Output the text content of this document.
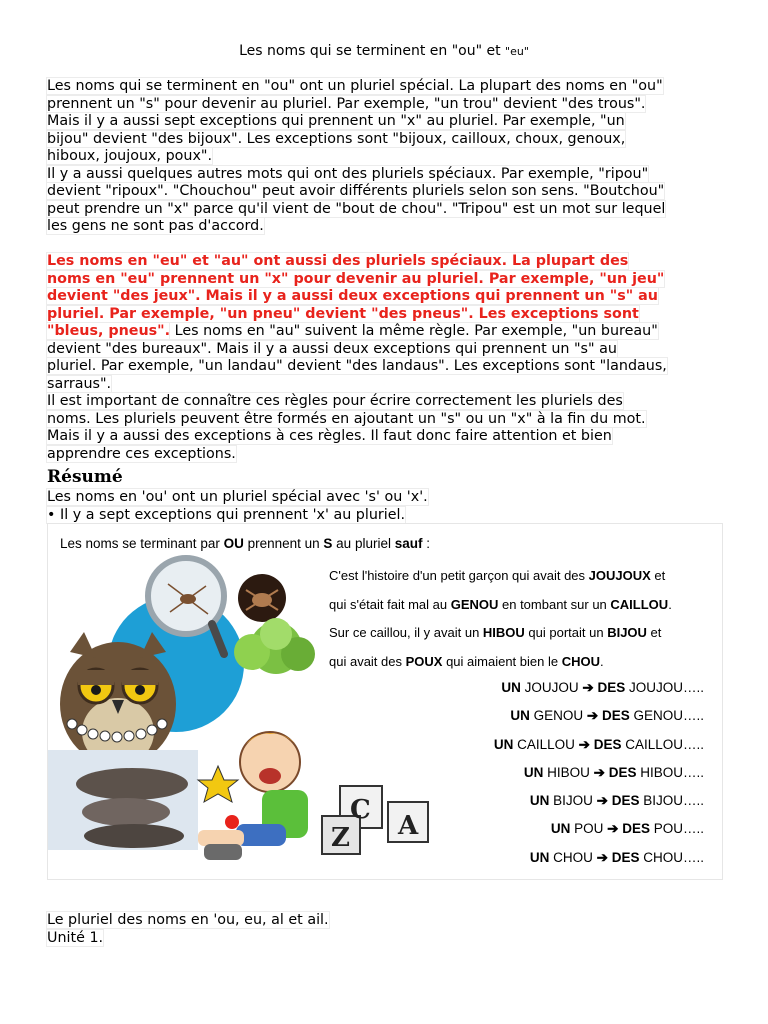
Les noms qui se terminent en "ou" et "eu"
Les noms qui se terminent en "ou" ont un pluriel spécial. La plupart des noms en "ou"
prennent un "s" pour devenir au pluriel. Par exemple, "un trou" devient "des trous".
Mais il y a aussi sept exceptions qui prennent un "x" au pluriel. Par exemple, "un
bijou" devient "des bijoux". Les exceptions sont "bijoux, cailloux, choux, genoux,
hiboux, joujoux, poux".
Il y a aussi quelques autres mots qui ont des pluriels spéciaux. Par exemple, "ripou"
devient "ripoux". "Chouchou" peut avoir différents pluriels selon son sens. "Boutchou"
peut prendre un "x" parce qu'il vient de "bout de chou". "Tripou" est un mot sur lequel
les gens ne sont pas d'accord.
Les noms en "eu" et "au" ont aussi des pluriels spéciaux. La plupart des
noms en "eu" prennent un "x" pour devenir au pluriel. Par exemple, "un jeu"
devient "des jeux". Mais il y a aussi deux exceptions qui prennent un "s" au
pluriel. Par exemple, "un pneu" devient "des pneus". Les exceptions sont
"bleus, pneus". Les noms en "au" suivent la même règle. Par exemple, "un bureau"
devient "des bureaux". Mais il y a aussi deux exceptions qui prennent un "s" au
pluriel. Par exemple, "un landau" devient "des landaus". Les exceptions sont "landaus,
sarraus".
Il est important de connaître ces règles pour écrire correctement les pluriels des
noms. Les pluriels peuvent être formés en ajoutant un "s" ou un "x" à la fin du mot.
Mais il y a aussi des exceptions à ces règles. Il faut donc faire attention et bien
apprendre ces exceptions.
Résumé
Les noms en 'ou' ont un pluriel spécial avec 's' ou 'x'.
• Il y a sept exceptions qui prennent 'x' au pluriel.
Les noms se terminant par OU prennent un S au pluriel sauf :
C
Z A
C'est l'histoire d'un petit garçon qui avait des JOUJOUX et
qui s'était fait mal au GENOU en tombant sur un CAILLOU.
Sur ce caillou, il y avait un HIBOU qui portait un BIJOU et
qui avait des POUX qui aimaient bien le CHOU.
UN JOUJOU ➔ DES JOUJOU…..
UN GENOU ➔ DES GENOU…..
UN CAILLOU ➔ DES CAILLOU…..
UN HIBOU ➔ DES HIBOU…..
UN BIJOU ➔ DES BIJOU…..
UN POU ➔ DES POU…..
UN CHOU ➔ DES CHOU…..
Le pluriel des noms en 'ou, eu, al et ail.
Unité 1.
